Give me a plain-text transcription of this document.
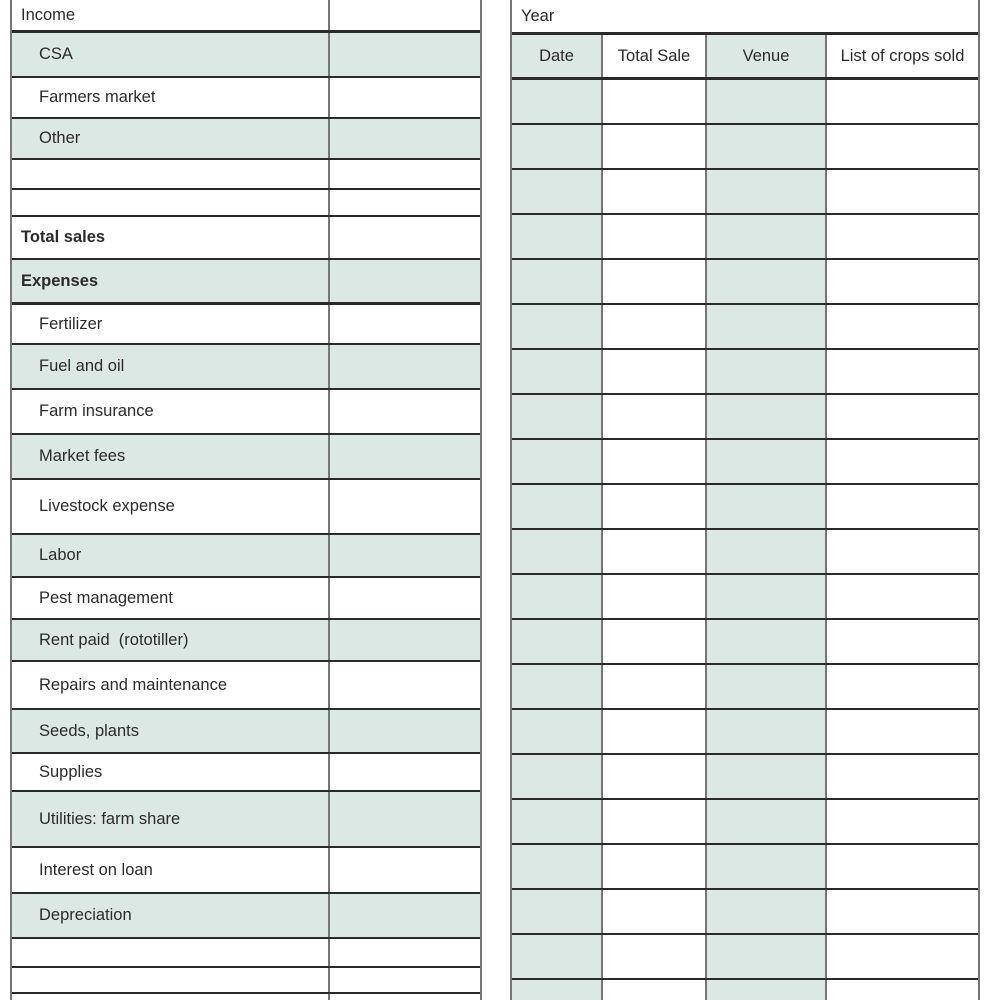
Income
CSA
Farmers market
Other
Total sales
Expenses
Fertilizer
Fuel and oil
Farm insurance
Market fees
Livestock expense
Labor
Pest management
Rent paid  (rototiller)
Repairs and maintenance
Seeds, plants
Supplies
Utilities: farm share
Interest on loan
Depreciation
Year
Date	Total Sale	Venue	List of crops sold
